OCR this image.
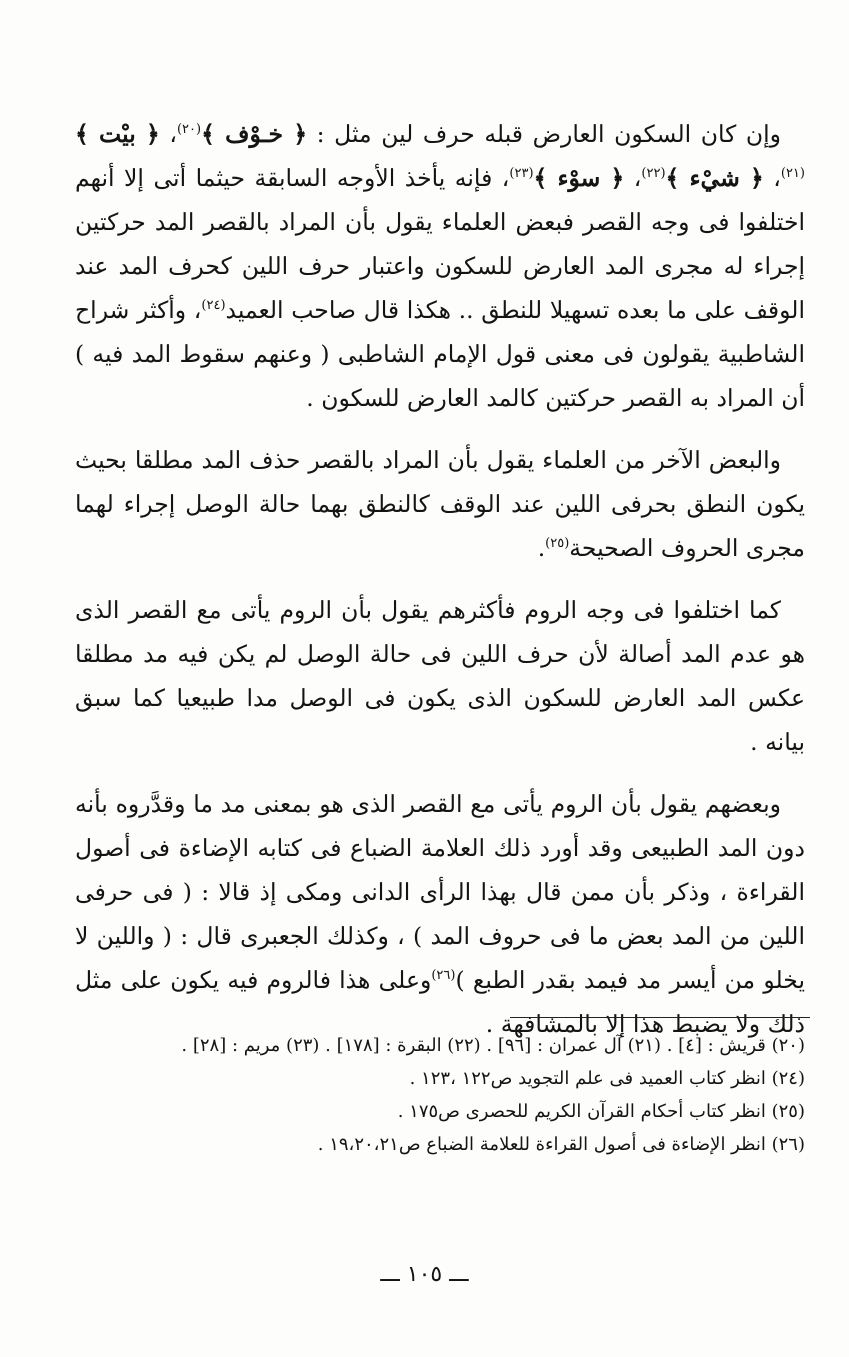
وإن كان السكون العارض قبله حرف لين مثل : ﴿ خـوْف ﴾$^{(٢٠)}$، ﴿ بيْت ﴾$^{(٢١)}$، ﴿ شيْء ﴾$^{(٢٢)}$، ﴿ سوْء ﴾$^{(٢٣)}$، فإنه يأخذ الأوجه السابقة حيثما أتى إلا أنهم اختلفوا فى وجه القصر فبعض العلماء يقول بأن المراد بالقصر المد حركتين إجراء له مجرى المد العارض للسكون واعتبار حرف اللين كحرف المد عند الوقف على ما بعده تسهيلا للنطق .. هكذا قال صاحب العميد$^{(٢٤)}$، وأكثر شراح الشاطبية يقولون فى معنى قول الإمام الشاطبى ( وعنهم سقوط المد فيه ) أن المراد به القصر حركتين كالمد العارض للسكون .

والبعض الآخر من العلماء يقول بأن المراد بالقصر حذف المد مطلقا بحيث يكون النطق بحرفى اللين عند الوقف كالنطق بهما حالة الوصل إجراء لهما مجرى الحروف الصحيحة$^{(٢٥)}$.

كما اختلفوا فى وجه الروم فأكثرهم يقول بأن الروم يأتى مع القصر الذى هو عدم المد أصالة لأن حرف اللين فى حالة الوصل لم يكن فيه مد مطلقا عكس المد العارض للسكون الذى يكون فى الوصل مدا طبيعيا كما سبق بيانه .

وبعضهم يقول بأن الروم يأتى مع القصر الذى هو بمعنى مد ما وقدَّروه بأنه دون المد الطبيعى وقد أورد ذلك العلامة الضباع فى كتابه الإضاءة فى أصول القراءة ، وذكر بأن ممن قال بهذا الرأى الدانى ومكى إذ قالا : ( فى حرفى اللين من المد بعض ما فى حروف المد ) ، وكذلك الجعبرى قال : ( واللين لا يخلو من أيسر مد فيمد بقدر الطبع )$^{(٢٦)}$وعلى هذا فالروم فيه يكون على مثل ذلك ولا يضبط هذا إلا بالمشافهة .

(٢٠) قريش : [٤] . (٢١) آل عمران : [٩٦] . (٢٢) البقرة : [١٧٨] . (٢٣) مريم : [٢٨] .

(٢٤) انظر كتاب العميد فى علم التجويد ص١٢٢ ،١٢٣ .

(٢٥) انظر كتاب أحكام القرآن الكريم للحصرى ص١٧٥ .

(٢٦) انظر الإضاءة فى أصول القراءة للعلامة الضباع ص١٩،٢٠،٢١ .

ـــ ١٠٥ ـــ
